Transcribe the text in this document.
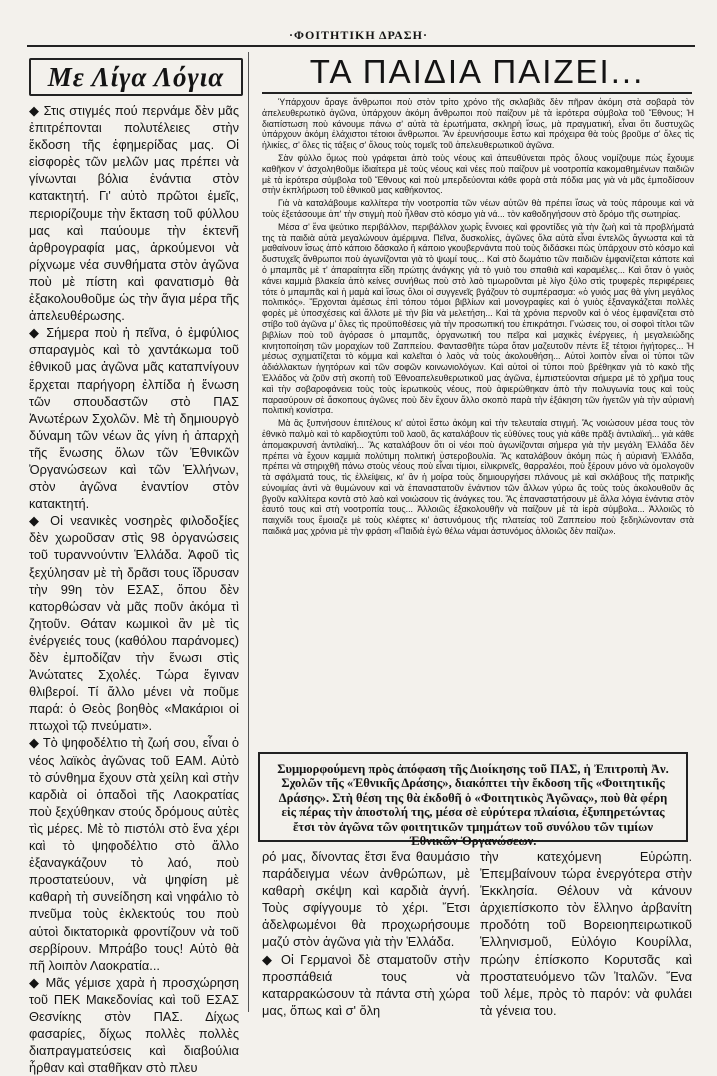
·ΦΟΙΤΗΤΙΚΗ ΔΡΑΣΗ·
Με Λίγα Λόγια

◆ Στις στιγμές πού περνάμε δὲν μᾶς ἐπιτρέπονται πολυτέλειες στὴν ἔκδοση τῆς ἐφημερίδας μας. Οἱ εἰσφορὲς τῶν μελῶν μας πρέπει νὰ γίνωνται βόλια ἐνάντια στὸν κατακτητή. Γι' αὐτὸ πρῶτοι ἐμεῖς, περιορίζουμε τὴν ἔκταση τοῦ φύλλου μας καὶ παύουμε τὴν ἐκτενῆ ἀρθρογραφία μας, ἀρκούμενοι νὰ ρίχνωμε νέα συνθήματα στὸν ἀγῶνα ποὺ μὲ πίστη καὶ φανατισμὸ θὰ ἐξακολουθοῦμε ὡς τὴν ἅγια μέρα τῆς ἀπελευθέρωσης.

◆ Σήμερα ποὺ ἡ πεῖνα, ὁ ἐμφύλιος σπαραγμὸς καὶ τὸ χαντάκωμα τοῦ ἐθνικοῦ μας ἀγῶνα μᾶς καταπνίγουν ἔρχεται παρήγορη ἐλπίδα ἡ ἕνωση τῶν σπουδαστῶν στὸ ΠΑΣ Ἀνωτέρων Σχολῶν. Μὲ τὴ δημιουργὸ δύναμη τῶν νέων ἂς γίνη ἡ ἀπαρχὴ τῆς ἕνωσης ὅλων τῶν Ἐθνικῶν Ὀργανώσεων καὶ τῶν Ἑλλήνων, στὸν ἀγῶνα ἐναντίον στὸν κατακτητή.

◆ Οἱ νεανικὲς νοσηρὲς φιλοδοξίες δὲν χωροῦσαν στὶς 98 ὀργανώσεις τοῦ τυραννούντιν Ἑλλάδα. Ἀφοῦ τὶς ξεχύλησαν μὲ τὴ δρᾶσι τους ἵδρυσαν τὴν 99η τὸν ΕΣΑΣ, ὅπου δὲν κατορθώσαν νὰ μᾶς ποῦν ἀκόμα τὶ ζητοῦν. Θάταν κωμικοὶ ἂν μὲ τὶς ἐνέργειές τους (καθόλου παράνομες) δὲν ἐμποδίζαν τὴν ἕνωσι στὶς Ἀνώτατες Σχολές. Τώρα ἔγιναν θλιβεροί. Τί ἄλλο μένει νὰ ποῦμε παρά: ὁ Θεὸς βοηθὸς «Μακάριοι οἱ πτωχοὶ τῷ πνεύματι».

◆ Τὸ ψηφοδέλτιο τὴ ζωή σου, εἶναι ὁ νέος λαϊκὸς ἀγῶνας τοῦ ΕΑΜ. Αὐτὸ τὸ σύνθημα ἔχουν στὰ χείλη καὶ στὴν καρδιὰ οἱ ὁπαδοὶ τῆς Λαοκρατίας ποὺ ξεχύθηκαν στούς δρόμους αὐτὲς τὶς μέρες. Μὲ τὸ πιστόλι στὸ ἕνα χέρι καὶ τὸ ψηφοδέλτιο στὸ ἄλλο ἐξαναγκάζουν τὸ λαό, ποὺ προστατεύουν, νὰ ψηφίση μὲ καθαρὴ τὴ συνείδηση καὶ νηφάλιο τὸ πνεῦμα τοὺς ἐκλεκτούς του ποὺ αὐτοὶ δικτατορικὰ φροντίζουν νὰ τοῦ σερβίρουν. Μπράβο τους! Αὐτὸ θὰ πῆ λοιπὸν Λαοκρατία...

◆ Μᾶς γέμισε χαρὰ ἡ προσχώρηση τοῦ ΠΕΚ Μακεδονίας καὶ τοῦ ΕΣΑΣ Θεσνίκης στὸν ΠΑΣ. Δίχως φασαρίες, δίχως πολλὲς πολλὲς διαπραγματεύσεις καὶ διαβούλια ἦρθαν καὶ σταθῆκαν στὸ πλευ

ΤΑ ΠΑΙΔΙΑ ΠΑΙΖΕΙ...

Ὑπάρχουν ἄραγε ἄνθρωποι ποὺ στὸν τρίτο χρόνο τῆς σκλαβιᾶς δὲν πῆραν ἀκόμη στὰ σοβαρὰ τὸν ἀπελευθερωτικὸ ἀγῶνα, ὑπάρχουν ἀκόμη ἄνθρωποι ποὺ παίζουν μὲ τὰ ἱερότερα σύμβολα τοῦ Ἔθνους; Ἡ διαπίστωση ποὺ κάνουμε πάνω σ' αὐτὰ τὰ ἐρωτήματα, σκληρὴ ἴσως, μὰ πραγματική, εἶναι ὅτι δυστυχῶς ὑπάρχουν ἀκόμη ἐλάχιστοι τέτοιοι ἄνθρωποι. Ἂν ἐρευνήσουμε ἔστω καὶ πρόχειρα θὰ τοὺς βροῦμε σ' ὅλες τὶς ἡλικίες, σ' ὅλες τὶς τάξεις σ' ὅλους τοὺς τομεῖς τοῦ ἀπελευθερωτικοῦ ἀγῶνα.

Σὰν φύλλο ὅμως ποὺ γράφεται ἀπὸ τοὺς νέους καὶ ἀπευθύνεται πρὸς ὅλους νομίζουμε πὼς ἔχουμε καθῆκον ν' ἀσχοληθοῦμε ἰδιαίτερα μὲ τοὺς νέους καὶ νέες ποὺ παίζουν μὲ νοοτροπία κακομαθημένων παιδιῶν μὲ τὰ ἱερότερα σύμβολα τοῦ Ἔθνους καὶ ποὺ μπερδεύονται κάθε φορὰ στὰ πόδια μας γιὰ νὰ μᾶς ἐμποδίσουν στὴν ἐκπλήρωση τοῦ ἐθνικοῦ μας καθήκοντος.

Γιὰ νὰ καταλάβουμε καλλίτερα τὴν νοοτροπία τῶν νέων αὐτῶν θὰ πρέπει ἴσως νὰ τοὺς πάρουμε καὶ νὰ τοὺς ἐξετάσουμε ἀπ' τὴν στιγμὴ ποὺ ἦλθαν στὸ κόσμο γιὰ νά... τὸν καθοδηγήσουν στὸ δρόμο τῆς σωτηρίας.

Μέσα σ' ἕνα ψεύτικο περιβάλλον, περιβάλλον χωρὶς ἔννοιες καὶ φροντίδες γιὰ τὴν ζωὴ καὶ τὰ προβλήματά της τὰ παιδιὰ αὐτὰ μεγαλώνουν ἀμέριμνα. Πεῖνα, δυσκολίες, ἀγῶνες ὅλα αὐτὰ εἶναι ἐντελῶς ἄγνωστα καὶ τὰ μαθαίνουν ἴσως ἀπὸ κάποιο δάσκαλο ἢ κάποιο γκουβερνάντα ποὺ τοὺς διδάσκει πὼς ὑπάρχουν στὸ κόσμο καὶ δυστυχεῖς ἄνθρωποι ποὺ ἀγωνίζονται γιὰ τὸ ψωμί τους... Καὶ στὸ δωμάτιο τῶν παιδιῶν ἐμφανίζεται κάποτε καὶ ὁ μπαμπᾶς μὲ τ' ἀπαραίτητα εἴδη πρώτης ἀνάγκης γιὰ τὸ γυιὸ του σπαθιὰ καὶ καραμέλες... Καὶ ὅταν ὁ γυιὸς κάνει καμμιὰ βλακεία ἀπὸ κείνες συνήθως ποὺ στὸ λαὸ τιμωροῦνται μὲ λίγο ξύλο στὶς τρυφερὲς περιφέρειες τότε ὁ μπαμπᾶς καὶ ἡ μαμὰ καὶ ἴσως ὅλοι οἱ συγγενεῖς βγάζουν τὸ συμπέρασμα: «ὁ γυιός μας θὰ γίνη μεγάλος πολιτικός». Ἔρχονται ἀμέσως ἐπὶ τόπου τόμοι βιβλίων καὶ μονογραφίες καὶ ὁ γυιὸς ἐξαναγκάζεται πολλὲς φορὲς μὲ ὑποσχέσεις καὶ ἄλλοτε μὲ τὴν βία νὰ μελετήση... Καὶ τὰ χρόνια περνοῦν καὶ ὁ νέος ἐμφανίζεται στὸ στίβο τοῦ ἀγῶνα μ' ὅλες τὶς προϋποθέσεις γιὰ τὴν προσωπική του ἐπικράτησι. Γνώσεις του, οἱ σοφοὶ τίτλοι τῶν βιβλίων ποὺ τοῦ ἀγόρασε ὁ μπαμπᾶς, ὀργανωτική του πεῖρα καὶ μαχικὲς ἐνέργειες, ἡ μεγαλειώδης κινητοποίηση τῶν μοραχίων τοῦ Ζαππείου. Φαντασθῆτε τώρα ὅταν μαζευτοῦν πέντε ἕξ τέτοιοι ἡγήτορες... Ἡ μέσως σχηματίζεται τὸ κόμμα καὶ καλεῖται ὁ λαὸς νὰ τοὺς ἀκολουθήση... Αὐτοὶ λοιπὸν εἶναι οἱ τύποι τῶν ἀδιάλλακτων ἡγητόρων καὶ τῶν σοφῶν κοινωνιολόγων. Καὶ αὐτοὶ οἱ τύποι ποὺ βρέθηκαν γιὰ τὸ κακὸ τῆς Ἑλλάδος νὰ ζοῦν στὴ σκοπὴ τοῦ Ἐθνοαπελευθερωτικοῦ μας ἀγῶνα, ἐμπιστεύονται σήμερα μὲ τὸ χρῆμα τους καὶ τὴν σοβαροφάνεια τοὺς τοὺς ἱερωτικοὺς νέους, ποὺ ἀφιερώθηκαν ἀπὸ τὴν πολυγωνία τους καὶ τοὺς παρασύρουν σὲ ἄσκοπους ἀγῶνες ποὺ δὲν ἔχουν ἄλλο σκοπὸ παρὰ τὴν ἐξάκηση τῶν ἡγετῶν γιὰ τὴν αὐριανὴ πολιτικὴ κονίστρα.

Μὰ ἂς ξυπνήσουν ἐπιτέλους κι' αὐτοὶ ἔστω ἀκόμη καὶ τὴν τελευταία στιγμή. Ἂς νοιώσουν μέσα τους τὸν ἐθνικὸ παλμὸ καὶ τὸ καρδιοχτύπι τοῦ λαοῦ, ἂς καταλάβουν τὶς εὐθύνες τους γιὰ κάθε πρᾶξι ἀντιλαϊκή... γιὰ κάθε ἀπομακρυνσή ἀντιλαϊκή... Ἂς καταλάβουν ὅτι οἱ νέοι ποὺ ἀγωνίζονται σήμερα γιὰ τὴν μεγάλη Ἑλλάδα δὲν πρέπει νὰ ἔχουν καμμιὰ πολύτιμη πολιτική ὑστεροβουλία. Ἂς καταλάβουν ἀκόμη πὼς ἡ αὐριανὴ Ἑλλάδα, πρέπει νὰ στηριχθῆ πάνω στοὺς νέους ποὺ εἶναι τίμιοι, εἰλικρινεῖς, θαρραλέοι, ποὺ ξέρουν μόνο νὰ ὁμολογοῦν τὰ σφάλματά τους, τὶς ἐλλείψεις, κι' ἂν ἡ μοίρα τοὺς δημιουργήσει πλάνους μὲ καὶ σκλάβους τῆς πατρικῆς εὐνοιμίας ἀντὶ νὰ θυμώνουν καὶ νὰ ἐπαναστατοῦν ἐνάντιον τῶν ἄλλων γύρω ἂς τοὺς τοὺς ἀκολουθοῦν ἂς βγοῦν καλλίτερα κοντὰ στὸ λαὸ καὶ νοιώσουν τὶς ἀνάγκες του. Ἂς ἐπαναστατήσουν μὲ ἄλλα λόγια ἐνάντια στὸν ἑαυτό τους καὶ στὴ νοοτροπία τους... Ἀλλοιῶς ἐξακολουθῆν νὰ παίζουν μὲ τὰ ἱερὰ σύμβολα... Ἀλλοιῶς τὸ παιχνίδι τους ἔμοιαζε μὲ τοὺς κλέφτες κι' ἀστυνόμους τῆς πλατείας τοῦ Ζαππείου ποὺ ξεδηλώνονταν στὰ παιδικά μας χρόνια μὲ τὴν φράση «Παιδιὰ ἐγὼ θέλω νάμαι ἀστυνόμος ἀλλοιῶς δὲν παίζω».

Συμμορφούμενη πρὸς ἀπόφαση τῆς Διοίκησης τοῦ ΠΑΣ, ἡ Ἐπιτροπὴ Ἀν. Σχολῶν τῆς «Ἐθνικῆς Δράσης», διακόπτει τὴν ἔκδοση τῆς «Φοιτητικῆς Δράσης». Στὴ θέση της θὰ ἐκδοθῆ ὁ «Φοιτητικὸς Ἀγῶνας», ποὺ θὰ φέρη εἰς πέρας τὴν ἀποστολή της, μέσα σὲ εὐρύτερα πλαίσια, ἐξυπηρετώντας ἔτσι τὸν ἀγῶνα τῶν φοιτητικῶν τμημάτων τοῦ συνόλου τῶν τιμίων Ἐθνικῶν Ὀργανώσεων.

ρό μας, δίνοντας ἔτσι ἕνα θαυμάσιο παράδειγμα νέων ἀνθρώπων, μὲ καθαρὴ σκέψη καὶ καρδιὰ ἁγνή. Τοὺς σφίγγουμε τὸ χέρι. Ἔτσι ἀδελφωμένοι θὰ προχωρήσουμε μαζύ στὸν ἀγῶνα γιὰ τὴν Ἑλλάδα.

◆ Οἱ Γερμανοὶ δὲ σταματοῦν στὴν προσπάθειά τους νὰ καταρρακώσουν τὰ πάντα στὴ χώρα μας, ὅπως καὶ σ' ὅλη

τὴν κατεχόμενη Εὐρώπη. Ἐπεμβαίνουν τώρα ἐνεργότερα στὴν Ἐκκλησία. Θέλουν νὰ κάνουν ἀρχιεπίσκοπο τὸν ἔλληνο ἀρβανίτη προδότη τοῦ Βορειοηπειρωτικοῦ Ἑλληνισμοῦ, Εὐλόγιο Κουρίλλα, πρώην ἐπίσκοπο Κορυτσᾶς καὶ προστατευόμενο τῶν Ἰταλῶν. Ἕνα τοῦ λέμε, πρὸς τὸ παρόν: νὰ φυλάει τὰ γένεια του.
